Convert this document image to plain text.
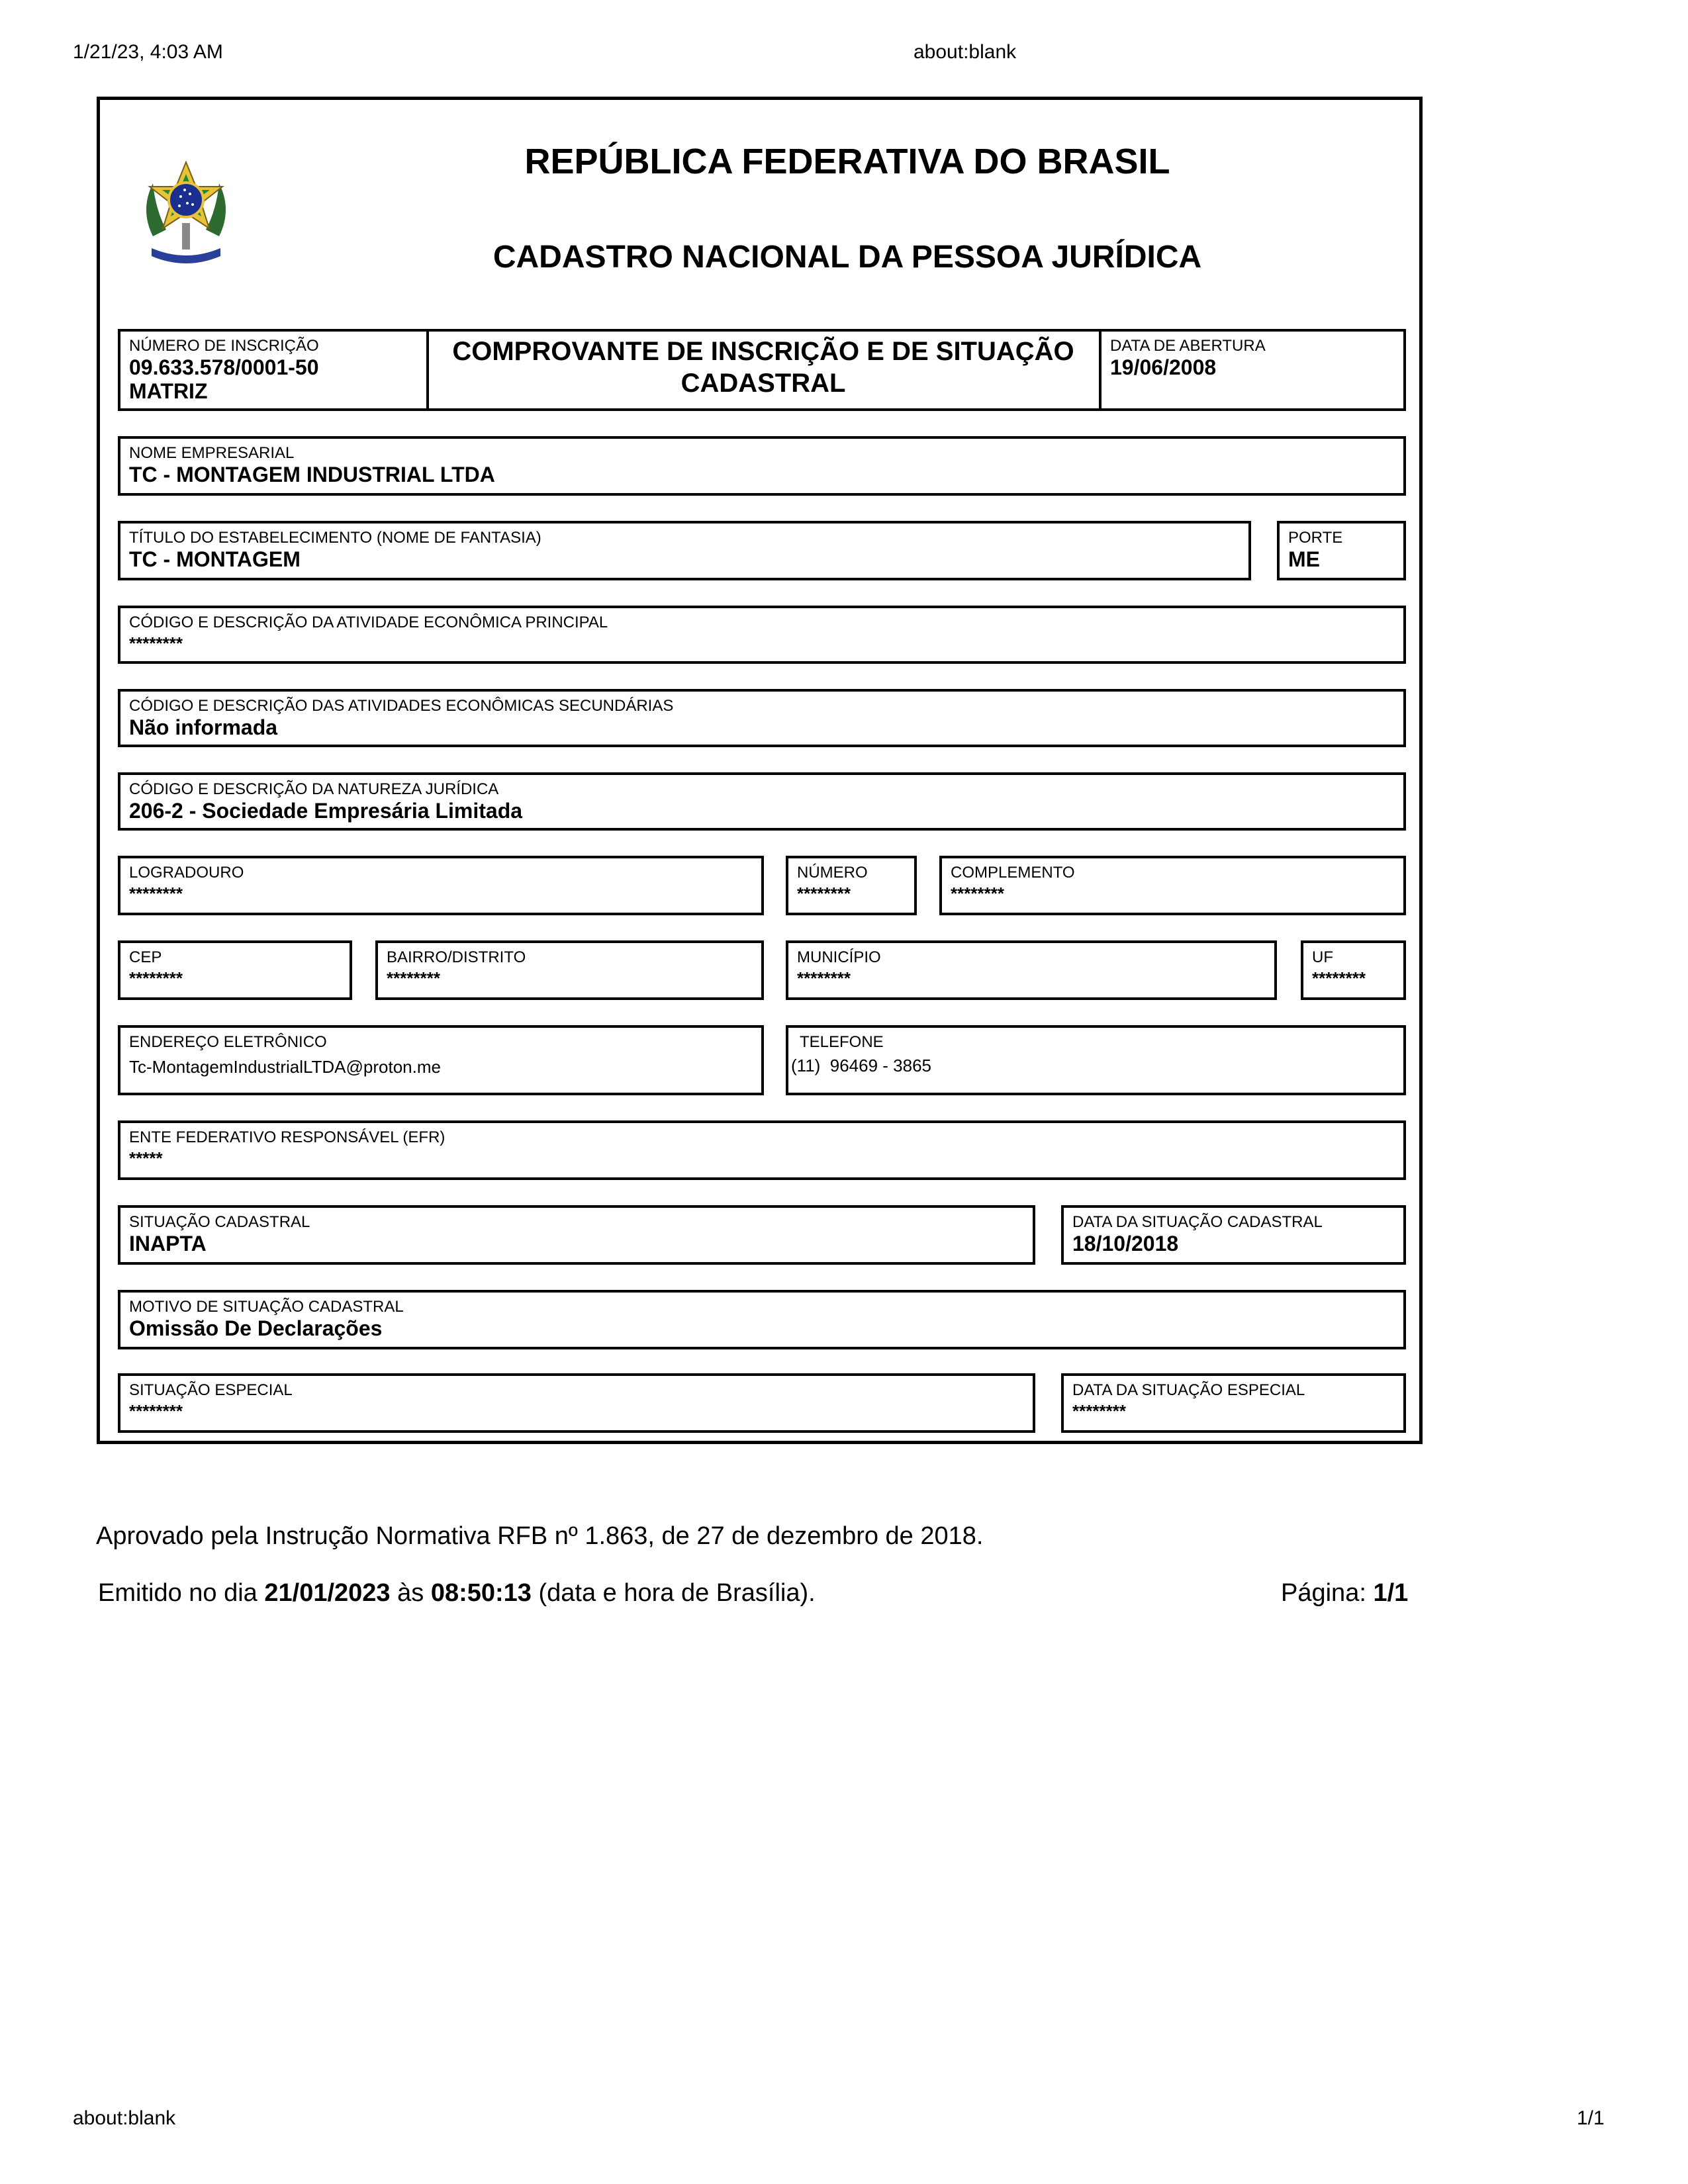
1/21/23, 4:03 AM	about:blank
REPÚBLICA FEDERATIVA DO BRASIL
CADASTRO NACIONAL DA PESSOA JURÍDICA
NÚMERO DE INSCRIÇÃO
09.633.578/0001-50
MATRIZ
COMPROVANTE DE INSCRIÇÃO E DE SITUAÇÃO
CADASTRAL
DATA DE ABERTURA
19/06/2008
NOME EMPRESARIAL
TC - MONTAGEM INDUSTRIAL LTDA
TÍTULO DO ESTABELECIMENTO (NOME DE FANTASIA)
TC - MONTAGEM
PORTE
ME
CÓDIGO E DESCRIÇÃO DA ATIVIDADE ECONÔMICA PRINCIPAL
********
CÓDIGO E DESCRIÇÃO DAS ATIVIDADES ECONÔMICAS SECUNDÁRIAS
Não informada
CÓDIGO E DESCRIÇÃO DA NATUREZA JURÍDICA
206-2 - Sociedade Empresária Limitada
LOGRADOURO
********
NÚMERO
********
COMPLEMENTO
********
CEP
********
BAIRRO/DISTRITO
********
MUNICÍPIO
********
UF
********
ENDEREÇO ELETRÔNICO
Tc-MontagemIndustrialLTDA@proton.me
TELEFONE
(11)  96469 - 3865
ENTE FEDERATIVO RESPONSÁVEL (EFR)
*****
SITUAÇÃO CADASTRAL
INAPTA
DATA DA SITUAÇÃO CADASTRAL
18/10/2018
MOTIVO DE SITUAÇÃO CADASTRAL
Omissão De Declarações
SITUAÇÃO ESPECIAL
********
DATA DA SITUAÇÃO ESPECIAL
********
Aprovado pela Instrução Normativa RFB nº 1.863, de 27 de dezembro de 2018.
Emitido no dia 21/01/2023 às 08:50:13 (data e hora de Brasília).	Página: 1/1
about:blank	1/1
